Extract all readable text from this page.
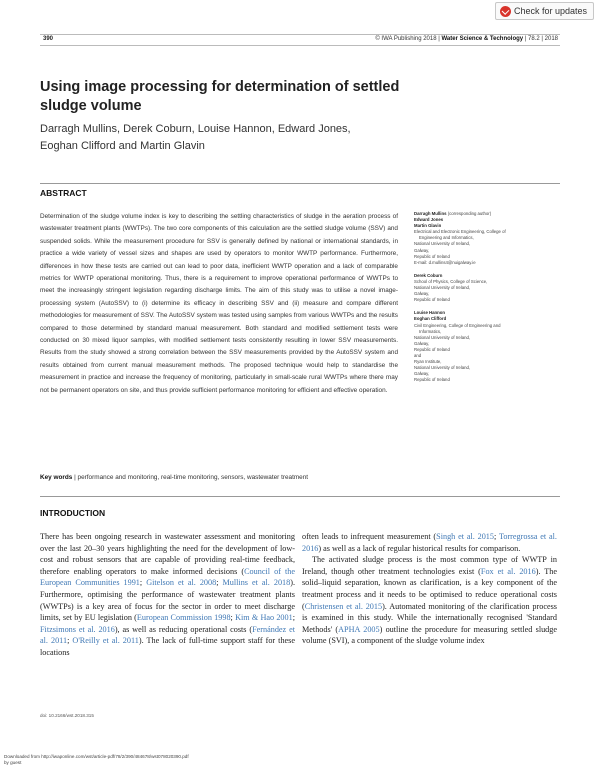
Check for updates
390	© IWA Publishing 2018 | Water Science & Technology | 78.2 | 2018
Using image processing for determination of settled sludge volume
Darragh Mullins, Derek Coburn, Louise Hannon, Edward Jones, Eoghan Clifford and Martin Glavin
ABSTRACT

Determination of the sludge volume index is key to describing the settling characteristics of sludge in the aeration process of wastewater treatment plants (WWTPs). The two core components of this calculation are the settled sludge volume (SSV) and suspended solids. While the measurement procedure for SSV is generally defined by national or international standards, in practice a wide variety of vessel sizes and shapes are used by operators to monitor WWTP performance. Furthermore, differences in how these tests are carried out can lead to poor data, inefficient WWTP operation and a lack of comparable metrics for WWTP operational monitoring. Thus, there is a requirement to improve operational performance of WWTPs to meet the increasingly stringent legislation regarding discharge limits. The aim of this study was to utilise a novel image-processing system (AutoSSV) to (i) determine its efficacy in describing SSV and (ii) measure and compare different methodologies for measurement of SSV. The AutoSSV system was tested using samples from various WWTPs and the results compared to those determined by standard manual measurement. Both standard and modified settlement tests were conducted on 30 mixed liquor samples, with modified settlement tests consistently resulting in lower SSV measurements. Results from the study showed a strong correlation between the SSV measurements provided by the AutoSSV system and results obtained from current manual measurement methods. The proposed technique would help to standardise the measurement in practice and increase the frequency of monitoring, particularly in small-scale rural WWTPs where there may not be permanent operators on site, and thus provide sufficient performance monitoring for efficient and effective operation.

Key words | performance and monitoring, real-time monitoring, sensors, wastewater treatment
Darragh Mullins (corresponding author)
Edward Jones
Martin Glavin
Electrical and Electronic Engineering, College of
Engineering and Informatics,
National University of Ireland,
Galway,
Republic of Ireland
E-mail: d.mullins4@nuigalway.ie
Derek Coburn
School of Physics, College of Science,
National University of Ireland,
Galway,
Republic of Ireland
Louise Hannon
Eoghan Clifford
Civil Engineering, College of Engineering and
Informatics,
National University of Ireland,
Galway,
Republic of Ireland
and
Ryan Institute,
National University of Ireland,
Galway,
Republic of Ireland
INTRODUCTION

There has been ongoing research in wastewater assessment and monitoring over the last 20–30 years highlighting the need for the development of low-cost and robust sensors that are capable of providing real-time feedback, therefore enabling operators to make informed decisions (Council of the European Communities 1991; Gitelson et al. 2008; Mullins et al. 2018). Furthermore, optimising the performance of wastewater treatment plants (WWTPs) is a key area of focus for the sector in order to meet discharge limits, set by EU legislation (European Commission 1998; Kim & Hao 2001; Fitzsimons et al. 2016), as well as reducing operational costs (Fernández et al. 2011; O'Reilly et al. 2011). The lack of full-time support staff for these locations

often leads to infrequent measurement (Singh et al. 2015; Torregrossa et al. 2016) as well as a lack of regular historical results for comparison.

The activated sludge process is the most common type of WWTP in Ireland, though other treatment technologies exist (Fox et al. 2016). The solid–liquid separation, known as clarification, is a key component of the treatment process and it needs to be optimised to reduce operational costs (Christensen et al. 2015). Automated monitoring of the clarification process is examined in this study. While the internationally recognised 'Standard Methods' (APHA 2005) outline the procedure for measuring settled sludge volume (SVI), a component of the sludge volume index

doi: 10.2166/wst.2018.315
Downloaded from http://iwaponline.com/wst/article-pdf/78/2/390/484678/wst078020390.pdf
by guest
